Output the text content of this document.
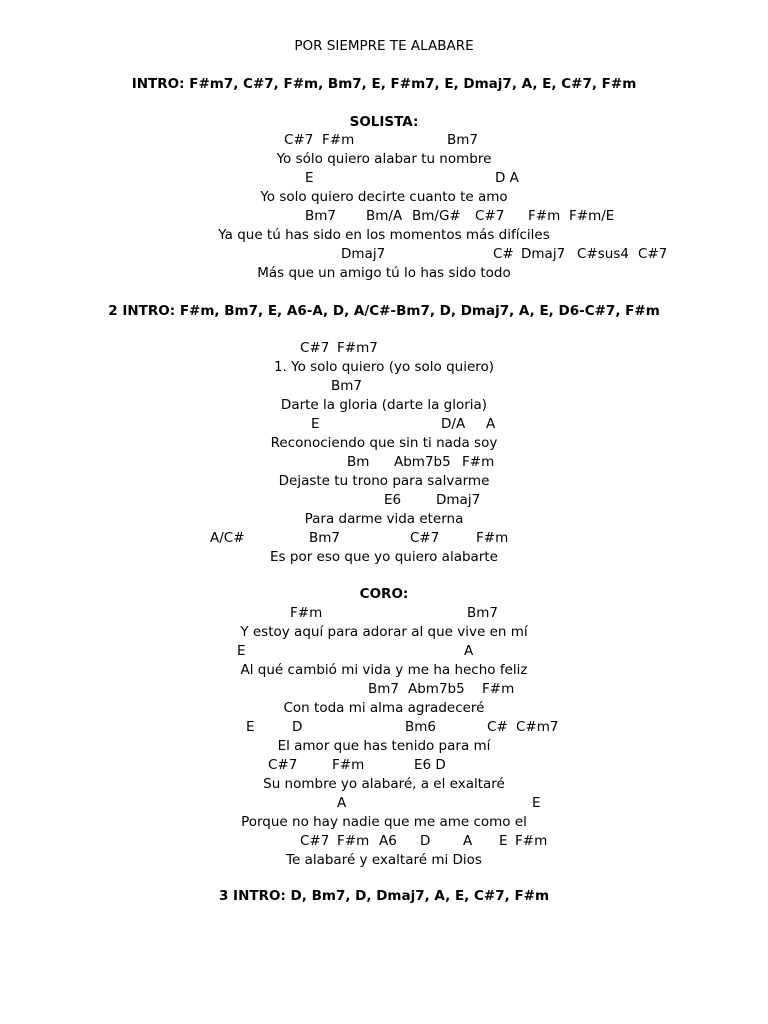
POR SIEMPRE TE ALABARE
INTRO: F#m7, C#7, F#m, Bm7, E, F#m7, E, Dmaj7, A, E, C#7, F#m
SOLISTA:
C#7 F#m	Bm7
Yo sólo quiero alabar tu nombre
E	D A
Yo solo quiero decirte cuanto te amo
Bm7 Bm/A Bm/G# C#7 F#m F#m/E
Ya que tú has sido en los momentos más difíciles
Dmaj7	C# Dmaj7 C#sus4 C#7
Más que un amigo tú lo has sido todo
2 INTRO: F#m, Bm7, E, A6-A, D, A/C#-Bm7, D, Dmaj7, A, E, D6-C#7, F#m
C#7 F#m7
1. Yo solo quiero (yo solo quiero)
Bm7
Darte la gloria (darte la gloria)
E	D/A A
Reconociendo que sin ti nada soy
Bm Abm7b5 F#m
Dejaste tu trono para salvarme
E6	Dmaj7
Para darme vida eterna
A/C#	Bm7	C#7	F#m
Es por eso que yo quiero alabarte
CORO:
F#m	Bm7
Y estoy aquí para adorar al que vive en mí
E	A
Al qué cambió mi vida y me ha hecho feliz
Bm7 Abm7b5 F#m
Con toda mi alma agradeceré
E	D	Bm6	C# C#m7
El amor que has tenido para mí
C#7	F#m	E6 D
Su nombre yo alabaré, a el exaltaré
A	E
Porque no hay nadie que me ame como el
C#7 F#m A6 D A E F#m
Te alabaré y exaltaré mi Dios
3 INTRO: D, Bm7, D, Dmaj7, A, E, C#7, F#m
